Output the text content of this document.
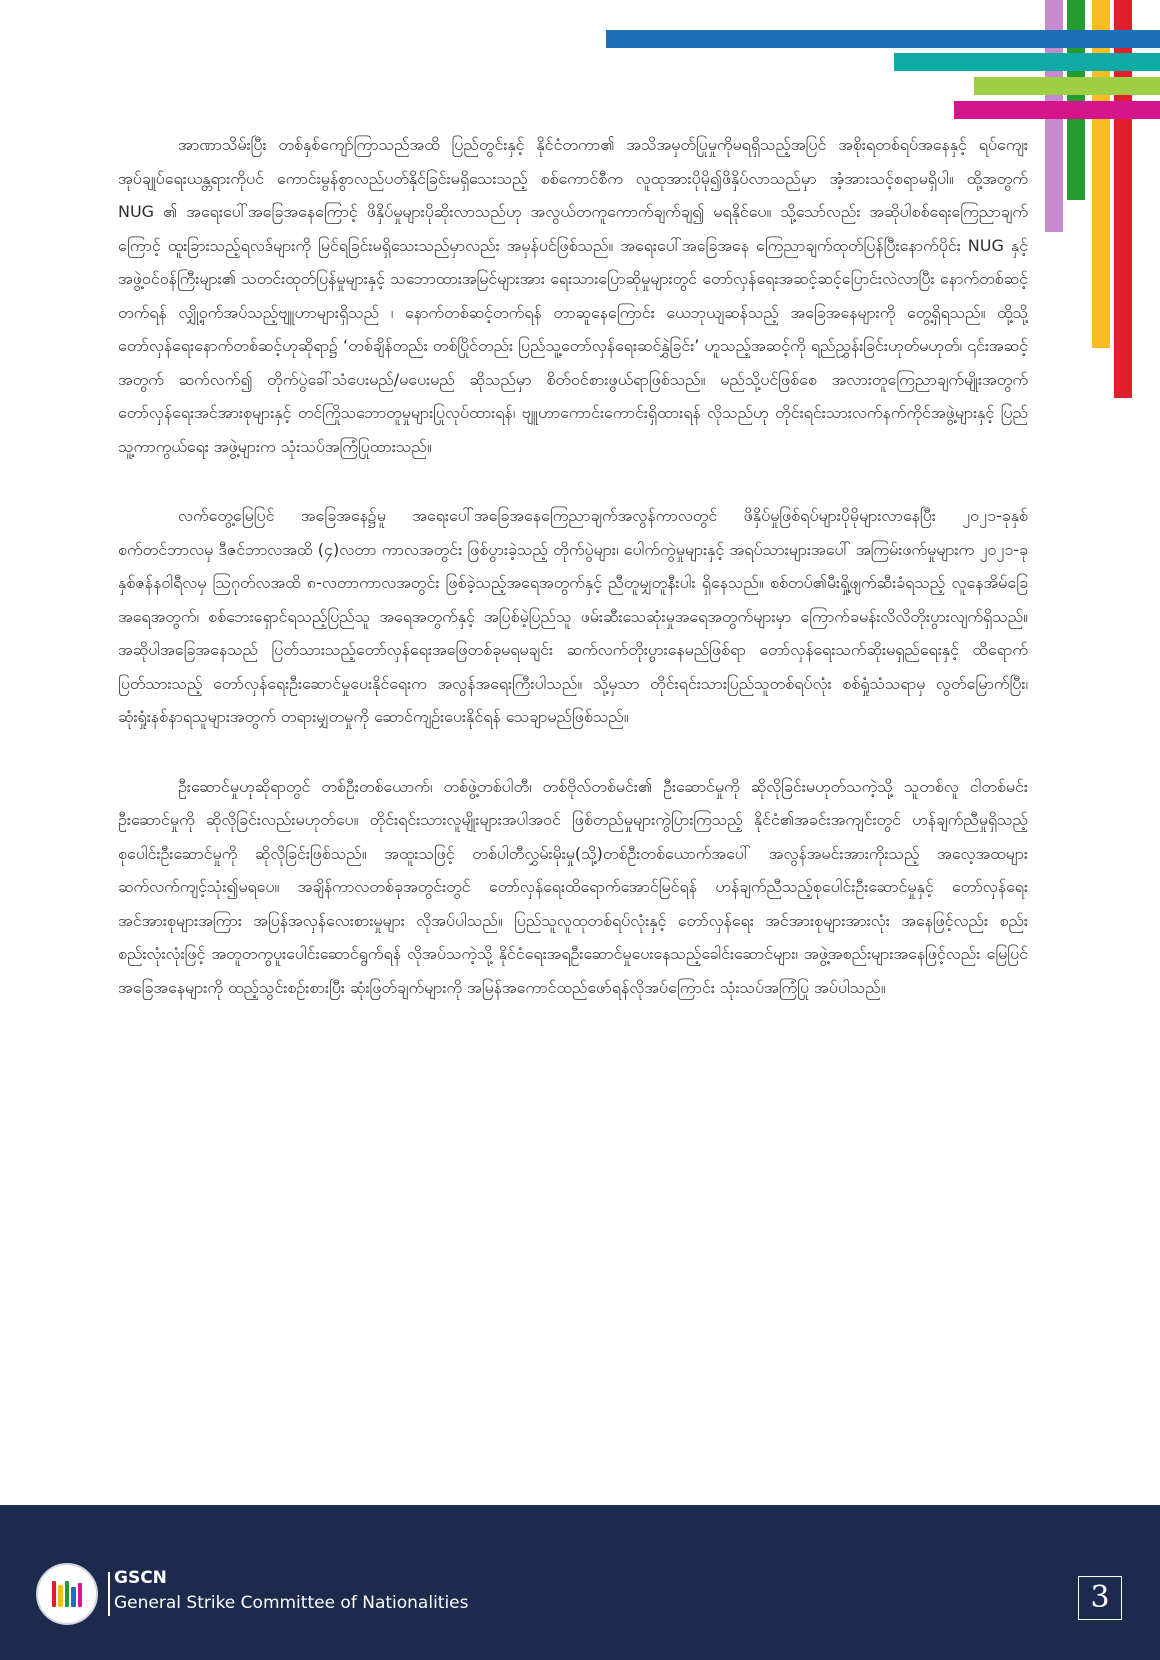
အာဏာသိမ်းပြီး တစ်နှစ်ကျော်ကြာသည်အထိ ပြည်တွင်းနှင့် နိုင်ငံတကာ၏ အသိအမှတ်ပြုမှုကိုမရရှိသည့်အပြင် အစိုးရတစ်ရပ်အနေနှင့် ရပ်ကျေးအုပ်ချုပ်ရေးယန္တရားကိုပင် ကောင်းမွန်စွာလည်ပတ်နိုင်ခြင်းမရှိသေးသည့် စစ်ကောင်စီက လူထုအားပိုမို၍ဖိနှိပ်လာသည်မှာ အံ့အားသင့်စရာမရှိပါ။ ထို့အတွက် NUG ၏ အရေးပေါ်အခြေအနေကြောင့် ဖိနှိပ်မှုများပိုဆိုးလာသည်ဟု အလွယ်တကူကောက်ချက်ချ၍ မရနိုင်ပေ။ သို့သော်လည်း အဆိုပါစစ်ရေးကြေညာချက်ကြောင့် ထူးခြားသည့်ရလဒ်များကို မြင်ရခြင်းမရှိသေးသည်မှာလည်း အမှန်ပင်ဖြစ်သည်။ အရေးပေါ်အခြေအနေ ကြေညာချက်ထုတ်ပြန်ပြီးနောက်ပိုင်း NUG နှင့် အဖွဲ့ဝင်ဝန်ကြီးများ၏ သတင်းထုတ်ပြန်မှုများနှင့် သဘောထားအမြင်များအား ရေးသားပြောဆိုမှုများတွင် တော်လှန်ရေးအဆင့်ဆင့်ပြောင်းလဲလာပြီး နောက်တစ်ဆင့် တက်ရန် လျှို့ဝှက်အပ်သည့်ဗျူဟာများရှိသည် ၊ နောက်တစ်ဆင့်တက်ရန် တာဆူနေကြောင်း ယေဘုယျဆန်သည့် အခြေအနေများကို တွေ့ရှိရသည်။ ထို့သို့ တော်လှန်ရေးနောက်တစ်ဆင့်ဟုဆိုရာ၌ ‘တစ်ချိန်တည်း တစ်ပြိုင်တည်း ပြည်သူ့တော်လှန်ရေးဆင်နွှဲခြင်း’ ဟူသည့်အဆင့်ကို ရည်ညွှန်းခြင်းဟုတ်မဟုတ်၊ ၎င်းအဆင့်အတွက် ဆက်လက်၍ တိုက်ပွဲခေါ်သံပေးမည်/မပေးမည် ဆိုသည်မှာ စိတ်ဝင်စားဖွယ်ရာဖြစ်သည်။ မည်သို့ပင်ဖြစ်စေ အလားတူကြေညာချက်မျိုးအတွက် တော်လှန်ရေးအင်အားစုများနှင့် တင်ကြိုသဘောတူမှုများပြုလုပ်ထားရန်၊ ဗျူဟာကောင်းကောင်းရှိထားရန် လိုသည်ဟု တိုင်းရင်းသားလက်နက်ကိုင်အဖွဲ့များနှင့် ပြည်သူ့ကာကွယ်ရေး အဖွဲ့များက သုံးသပ်အကြံပြုထားသည်။

လက်တွေ့မြေပြင် အခြေအနေ၌မူ အရေးပေါ်အခြေအနေကြေညာချက်အလွန်ကာလတွင် ဖိနှိပ်မှုဖြစ်ရပ်များပိုမိုများလာနေပြီး ၂၀၂၁-ခုနှစ် စက်တင်ဘာလမှ ဒီဇင်ဘာလအထိ (၄)လတာ ကာလအတွင်း ဖြစ်ပွားခဲ့သည့် တိုက်ပွဲများ၊ ပေါက်ကွဲမှုများနှင့် အရပ်သားများအပေါ် အကြမ်းဖက်မှုများက ၂၀၂၁-ခုနှစ်ဇန်နဝါရီလမှ ဩဂုတ်လအထိ ၈-လတာကာလအတွင်း ဖြစ်ခဲ့သည့်အရေအတွက်နှင့် ညီတူမျှတူနီးပါး ရှိနေသည်။ စစ်တပ်၏မီးရှို့ဖျက်ဆီးခံရသည့် လူနေအိမ်ခြေအရေအတွက်၊ စစ်ဘေးရှောင်ရသည့်ပြည်သူ အရေအတွက်နှင့် အပြစ်မဲ့ပြည်သူ ဖမ်းဆီးသေဆုံးမှုအရေအတွက်များမှာ ကြောက်ခမန်းလိလိတိုးပွားလျက်ရှိသည်။ အဆိုပါအခြေအနေသည် ပြတ်သားသည့်တော်လှန်ရေးအဖြေတစ်ခုမရမချင်း ဆက်လက်တိုးပွားနေမည်ဖြစ်ရာ တော်လှန်ရေးသက်ဆိုးမရှည်ရေးနှင့် ထိရောက်ပြတ်သားသည့် တော်လှန်ရေးဦးဆောင်မှုပေးနိုင်ရေးက အလွန်အရေးကြီးပါသည်။ သို့မှသာ တိုင်းရင်းသားပြည်သူတစ်ရပ်လုံး စစ်ရှုံသံသရာမှ လွတ်မြောက်ပြီး၊ ဆုံးရှုံးနစ်နာရသူများအတွက် တရားမျှတမှုကို ဆောင်ကျဉ်းပေးနိုင်ရန် သေချာမည်ဖြစ်သည်။

ဦးဆောင်မှုဟုဆိုရာတွင် တစ်ဦးတစ်ယောက်၊ တစ်ဖွဲ့တစ်ပါတီ၊ တစ်ဗိုလ်တစ်မင်း၏ ဦးဆောင်မှုကို ဆိုလိုခြင်းမဟုတ်သကဲ့သို့ သူတစ်လူ ငါတစ်မင်းဦးဆောင်မှုကို ဆိုလိုခြင်းလည်းမဟုတ်ပေ။ တိုင်းရင်းသားလူမျိုးများအပါအဝင် ဖြစ်တည်မှုများကွဲပြားကြသည့် နိုင်ငံ၏အခင်းအကျင်းတွင် ဟန်ချက်ညီမှုရှိသည့် စုပေါင်းဦးဆောင်မှုကို ဆိုလိုခြင်းဖြစ်သည်။ အထူးသဖြင့် တစ်ပါတီလွှမ်းမိုးမှု(သို့)တစ်ဦးတစ်ယောက်အပေါ် အလွန်အမင်းအားကိုးသည့် အလေ့အထများ ဆက်လက်ကျင့်သုံး၍မရပေ။ အချိန်ကာလတစ်ခုအတွင်းတွင် တော်လှန်ရေးထိရောက်အောင်မြင်ရန် ဟန်ချက်ညီသည့်စုပေါင်းဦးဆောင်မှုနှင့် တော်လှန်ရေး အင်အားစုများအကြား အပြန်အလှန်လေးစားမှုများ လိုအပ်ပါသည်။ ပြည်သူလူထုတစ်ရပ်လုံးနှင့် တော်လှန်ရေး အင်အားစုများအားလုံး အနေဖြင့်လည်း စည်းစည်းလုံးလုံးဖြင့် အတူတကွပူးပေါင်းဆောင်ရွက်ရန် လိုအပ်သကဲ့သို့ နိုင်ငံရေးအရဦးဆောင်မှုပေးနေသည့်ခေါင်းဆောင်များ၊ အဖွဲ့အစည်းများအနေဖြင့်လည်း မြေပြင်အခြေအနေများကို ထည့်သွင်းစဉ်းစားပြီး ဆုံးဖြတ်ချက်များကို အမြန်အကောင်ထည်ဖော်ရန်လိုအပ်ကြောင်း သုံးသပ်အကြံပြု အပ်ပါသည်။

GSCN
General Strike Committee of Nationalities	3
